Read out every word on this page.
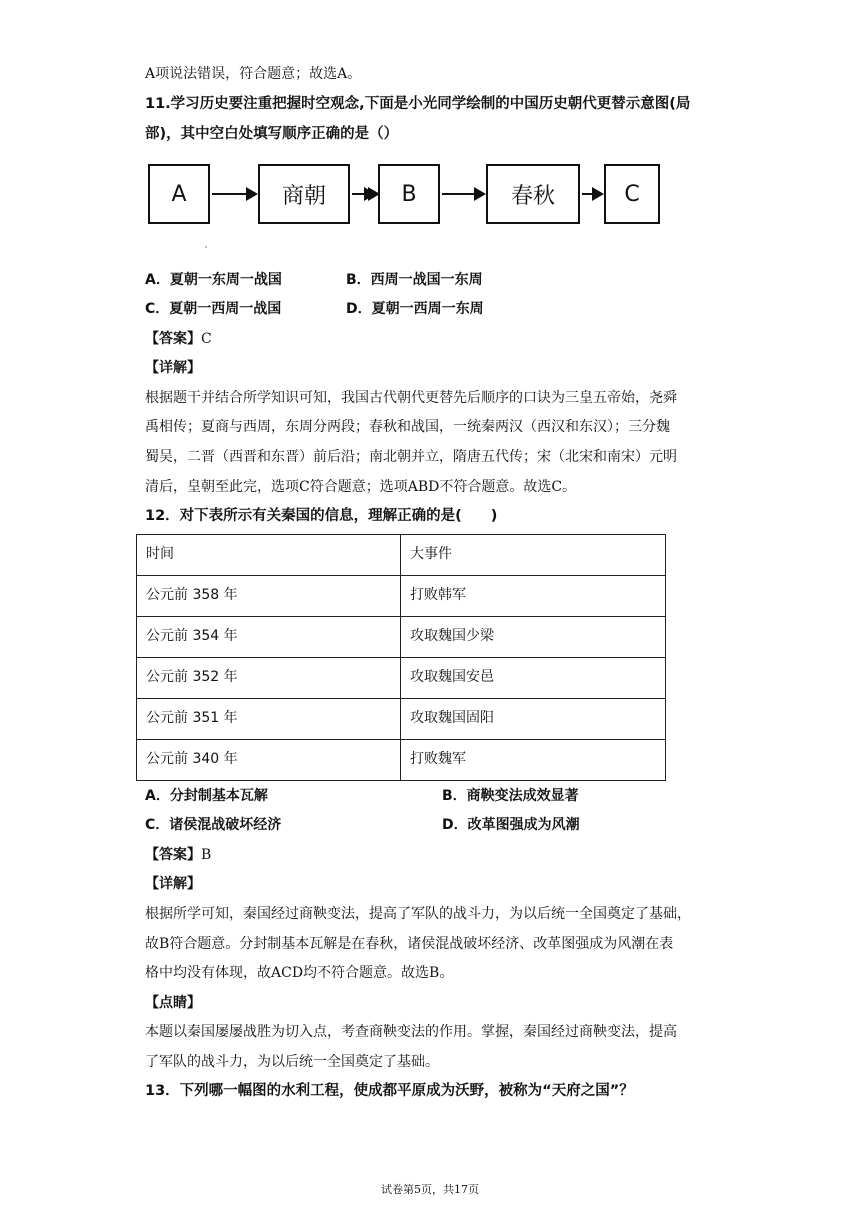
A项说法错误，符合题意；故选A。
11.学习历史要注重把握时空观念,下面是小光同学绘制的中国历史朝代更替示意图(局
部)，其中空白处填写顺序正确的是（）
A	商朝	B	春秋	C
A．夏朝一东周一战国	B．西周一战国一东周
C．夏朝一西周一战国	D．夏朝一西周一东周
【答案】C
【详解】
根据题干并结合所学知识可知，我国古代朝代更替先后顺序的口诀为三皇五帝始，尧舜
禹相传；夏商与西周，东周分两段；春秋和战国，一统秦两汉（西汉和东汉）；三分魏
蜀吴，二晋（西晋和东晋）前后沿；南北朝并立，隋唐五代传；宋（北宋和南宋）元明
清后，皇朝至此完，选项C符合题意；选项ABD不符合题意。故选C。
12．对下表所示有关秦国的信息，理解正确的是(　　)
时间	大事件
公元前 358 年	打败韩军
公元前 354 年	攻取魏国少梁
公元前 352 年	攻取魏国安邑
公元前 351 年	攻取魏国固阳
公元前 340 年	打败魏军
A．分封制基本瓦解	B．商鞅变法成效显著
C．诸侯混战破坏经济	D．改革图强成为风潮
【答案】B
【详解】
根据所学可知，秦国经过商鞅变法，提高了军队的战斗力，为以后统一全国奠定了基础，
故B符合题意。分封制基本瓦解是在春秋，诸侯混战破坏经济、改革图强成为风潮在表
格中均没有体现，故ACD均不符合题意。故选B。
【点睛】
本题以秦国屡屡战胜为切入点，考查商鞅变法的作用。掌握，秦国经过商鞅变法，提高
了军队的战斗力，为以后统一全国奠定了基础。
13．下列哪一幅图的水利工程，使成都平原成为沃野，被称为“天府之国”？
试卷第5页，共17页
